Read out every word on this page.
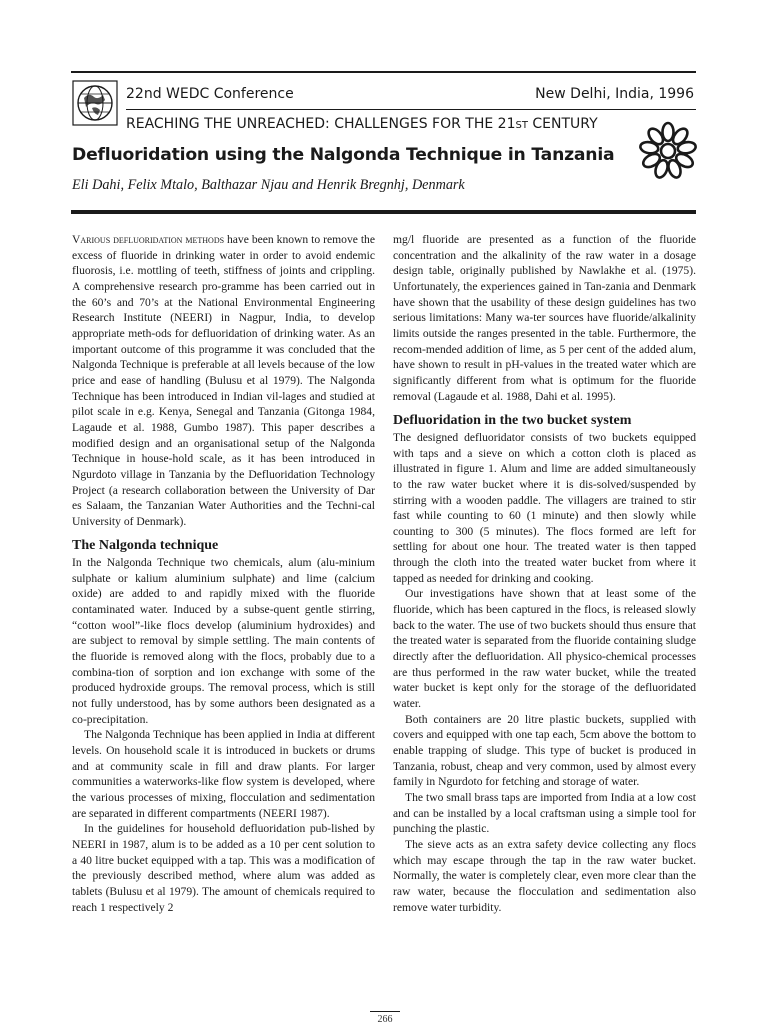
22nd WEDC Conference	New Delhi, India, 1996
REACHING THE UNREACHED: CHALLENGES FOR THE 21ST CENTURY
Defluoridation using the Nalgonda Technique in Tanzania
Eli Dahi, Felix Mtalo, Balthazar Njau and Henrik Bregnhj, Denmark

Various defluoridation methods have been known to remove the excess of fluoride in drinking water in order to avoid endemic fluorosis, i.e. mottling of teeth, stiffness of joints and crippling. A comprehensive research pro-gramme has been carried out in the 60’s and 70’s at the National Environmental Engineering Research Institute (NEERI) in Nagpur, India, to develop appropriate meth-ods for defluoridation of drinking water. As an important outcome of this programme it was concluded that the Nalgonda Technique is preferable at all levels because of the low price and ease of handling (Bulusu et al 1979). The Nalgonda Technique has been introduced in Indian vil-lages and studied at pilot scale in e.g. Kenya, Senegal and Tanzania (Gitonga 1984, Lagaude et al. 1988, Gumbo 1987). This paper describes a modified design and an organisational setup of the Nalgonda Technique in house-hold scale, as it has been introduced in Ngurdoto village in Tanzania by the Defluoridation Technology Project (a research collaboration between the University of Dar es Salaam, the Tanzanian Water Authorities and the Techni-cal University of Denmark).

The Nalgonda technique

In the Nalgonda Technique two chemicals, alum (alu-minium sulphate or kalium aluminium sulphate) and lime (calcium oxide) are added to and rapidly mixed with the fluoride contaminated water. Induced by a subse-quent gentle stirring, “cotton wool”-like flocs develop (aluminium hydroxides) and are subject to removal by simple settling. The main contents of the fluoride is removed along with the flocs, probably due to a combina-tion of sorption and ion exchange with some of the produced hydroxide groups. The removal process, which is still not fully understood, has by some authors been designated as a co-precipitation.

The Nalgonda Technique has been applied in India at different levels. On household scale it is introduced in buckets or drums and at community scale in fill and draw plants. For larger communities a waterworks-like flow system is developed, where the various processes of mixing, flocculation and sedimentation are separated in different compartments (NEERI 1987).

In the guidelines for household defluoridation pub-lished by NEERI in 1987, alum is to be added as a 10 per cent solution to a 40 litre bucket equipped with a tap. This was a modification of the previously described method, where alum was added as tablets (Bulusu et al 1979). The amount of chemicals required to reach 1 respectively 2

mg/l fluoride are presented as a function of the fluoride concentration and the alkalinity of the raw water in a dosage design table, originally published by Nawlakhe et al. (1975). Unfortunately, the experiences gained in Tan-zania and Denmark have shown that the usability of these design guidelines has two serious limitations: Many wa-ter sources have fluoride/alkalinity limits outside the ranges presented in the table. Furthermore, the recom-mended addition of lime, as 5 per cent of the added alum, have shown to result in pH-values in the treated water which are significantly different from what is optimum for the fluoride removal (Lagaude et al. 1988, Dahi et al. 1995).

Defluoridation in the two bucket system

The designed defluoridator consists of two buckets equipped with taps and a sieve on which a cotton cloth is placed as illustrated in figure 1. Alum and lime are added simultaneously to the raw water bucket where it is dis-solved/suspended by stirring with a wooden paddle. The villagers are trained to stir fast while counting to 60 (1 minute) and then slowly while counting to 300 (5 minutes). The flocs formed are left for settling for about one hour. The treated water is then tapped through the cloth into the treated water bucket from where it tapped as needed for drinking and cooking.

Our investigations have shown that at least some of the fluoride, which has been captured in the flocs, is released slowly back to the water. The use of two buckets should thus ensure that the treated water is separated from the fluoride containing sludge directly after the defluoridation. All physico-chemical processes are thus performed in the raw water bucket, while the treated water bucket is kept only for the storage of the defluoridated water.

Both containers are 20 litre plastic buckets, supplied with covers and equipped with one tap each, 5cm above the bottom to enable trapping of sludge. This type of bucket is produced in Tanzania, robust, cheap and very common, used by almost every family in Ngurdoto for fetching and storage of water.

The two small brass taps are imported from India at a low cost and can be installed by a local craftsman using a simple tool for punching the plastic.

The sieve acts as an extra safety device collecting any flocs which may escape through the tap in the raw water bucket. Normally, the water is completely clear, even more clear than the raw water, because the flocculation and sedimentation also remove water turbidity.

266
